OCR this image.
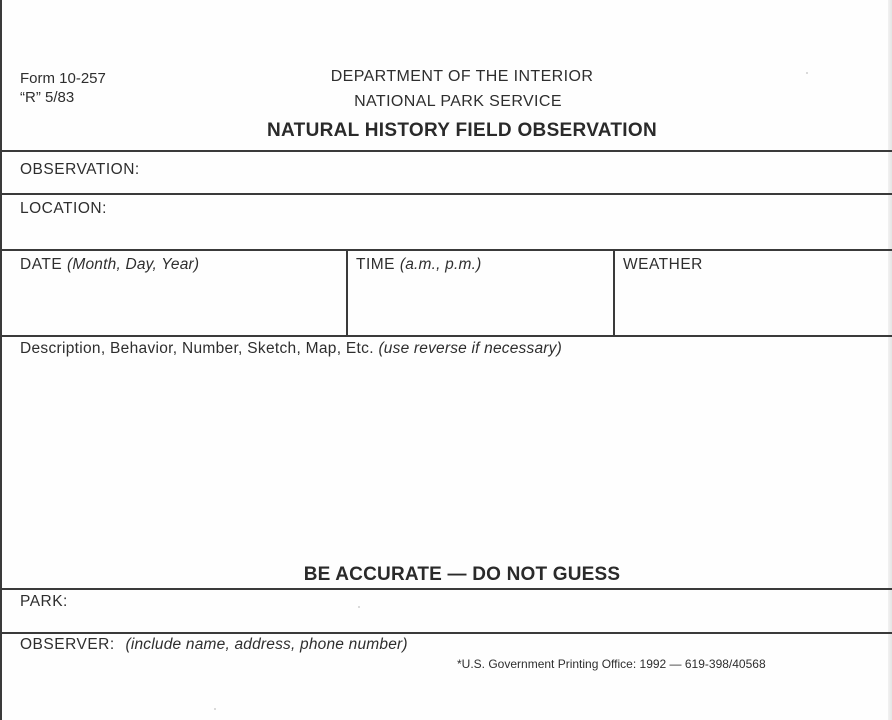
Form 10-257
“R” 5/83
DEPARTMENT OF THE INTERIOR
NATIONAL PARK SERVICE
NATURAL HISTORY FIELD OBSERVATION
OBSERVATION:
LOCATION:
DATE (Month, Day, Year)	TIME (a.m., p.m.)	WEATHER
Description, Behavior, Number, Sketch, Map, Etc. (use reverse if necessary)
BE ACCURATE — DO NOT GUESS
PARK:
OBSERVER: (include name, address, phone number)
*U.S. Government Printing Office: 1992 — 619-398/40568
